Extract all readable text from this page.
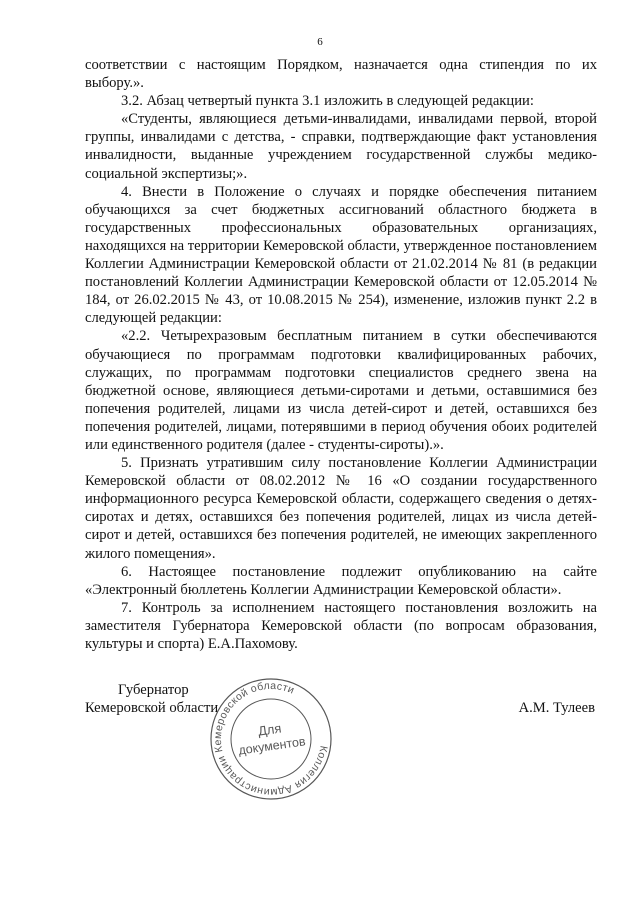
6

соответствии с настоящим Порядком, назначается одна стипендия по их выбору.».

3.2. Абзац четвертый пункта 3.1 изложить в следующей редакции:

«Студенты, являющиеся детьми-инвалидами, инвалидами первой, второй группы, инвалидами с детства, - справки, подтверждающие факт установления инвалидности, выданные учреждением государственной службы медико-социальной экспертизы;».

4. Внести в Положение о случаях и порядке обеспечения питанием обучающихся за счет бюджетных ассигнований областного бюджета в государственных профессиональных образовательных организациях, находящихся на территории Кемеровской области, утвержденное постановлением Коллегии Администрации Кемеровской области от 21.02.2014 № 81 (в редакции постановлений Коллегии Администрации Кемеровской области от 12.05.2014 № 184, от 26.02.2015 № 43, от 10.08.2015 № 254), изменение, изложив пункт 2.2 в следующей редакции:

«2.2. Четырехразовым бесплатным питанием в сутки обеспечиваются обучающиеся по программам подготовки квалифицированных рабочих, служащих, по программам подготовки специалистов среднего звена на бюджетной основе, являющиеся детьми-сиротами и детьми, оставшимися без попечения родителей, лицами из числа детей-сирот и детей, оставшихся без попечения родителей, лицами, потерявшими в период обучения обоих родителей или единственного родителя (далее - студенты-сироты).».

5. Признать утратившим силу постановление Коллегии Администрации Кемеровской области от 08.02.2012 № 16 «О создании государственного информационного ресурса Кемеровской области, содержащего сведения о детях-сиротах и детях, оставшихся без попечения родителей, лицах из числа детей-сирот и детей, оставшихся без попечения родителей, не имеющих закрепленного жилого помещения».

6. Настоящее постановление подлежит опубликованию на сайте «Электронный бюллетень Коллегии Администрации Кемеровской области».

7. Контроль за исполнением настоящего постановления возложить на заместителя Губернатора Кемеровской области (по вопросам образования, культуры и спорта) Е.А.Пахомову.

Губернатор
Кемеровской области	А.М. Тулеев
Коллегия Администрации Кемеровской области
Для
документов
